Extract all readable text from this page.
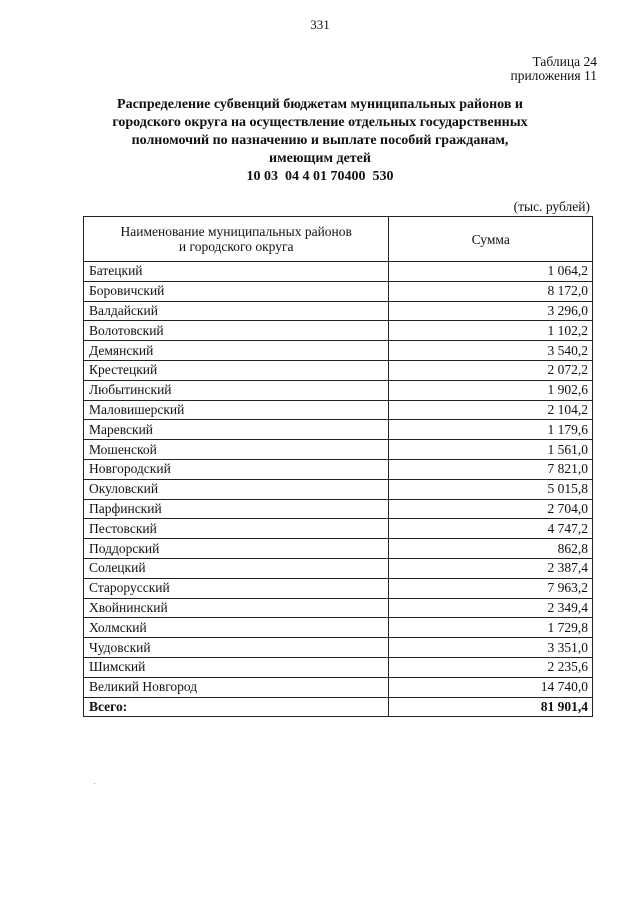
331
Таблица 24
приложения 11
Распределение субвенций бюджетам муниципальных районов и
городского округа на осуществление отдельных государственных
полномочий по назначению и выплате пособий гражданам,
имеющим детей
10 03  04 4 01 70400  530
(тыс. рублей)
Наименование муниципальных районов
и городского округа	Сумма
Батецкий	1 064,2
Боровичский	8 172,0
Валдайский	3 296,0
Волотовский	1 102,2
Демянский	3 540,2
Крестецкий	2 072,2
Любытинский	1 902,6
Маловишерский	2 104,2
Маревский	1 179,6
Мошенской	1 561,0
Новгородский	7 821,0
Окуловский	5 015,8
Парфинский	2 704,0
Пестовский	4 747,2
Поддорский	862,8
Солецкий	2 387,4
Старорусский	7 963,2
Хвойнинский	2 349,4
Холмский	1 729,8
Чудовский	3 351,0
Шимский	2 235,6
Великий Новгород	14 740,0
Всего:	81 901,4
